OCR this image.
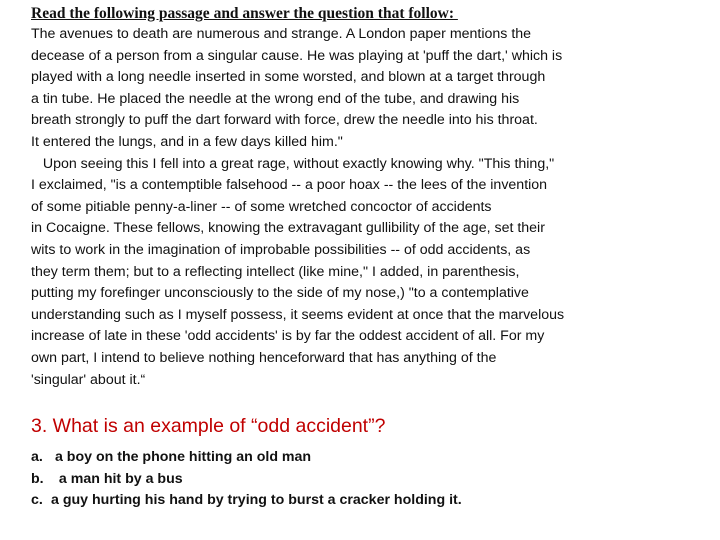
Read the following passage and answer the question that follow:

The avenues to death are numerous and strange. A London paper mentions the
decease of a person from a singular cause. He was playing at 'puff the dart,' which is
played with a long needle inserted in some worsted, and blown at a target through
a tin tube. He placed the needle at the wrong end of the tube, and drawing his
breath strongly to puff the dart forward with force, drew the needle into his throat.
It entered the lungs, and in a few days killed him."
Upon seeing this I fell into a great rage, without exactly knowing why. "This thing,"
I exclaimed, "is a contemptible falsehood -- a poor hoax -- the lees of the invention
of some pitiable penny-a-liner -- of some wretched concoctor of accidents
in Cocaigne. These fellows, knowing the extravagant gullibility of the age, set their
wits to work in the imagination of improbable possibilities -- of odd accidents, as
they term them; but to a reflecting intellect (like mine," I added, in parenthesis,
putting my forefinger unconsciously to the side of my nose,) "to a contemplative
understanding such as I myself possess, it seems evident at once that the marvelous
increase of late in these 'odd accidents' is by far the oddest accident of all. For my
own part, I intend to believe nothing henceforward that has anything of the
'singular' about it.“

3. What is an example of “odd accident”?

a. a boy on the phone hitting an old man
b.  a man hit by a bus
c. a guy hurting his hand by trying to burst a cracker holding it.
